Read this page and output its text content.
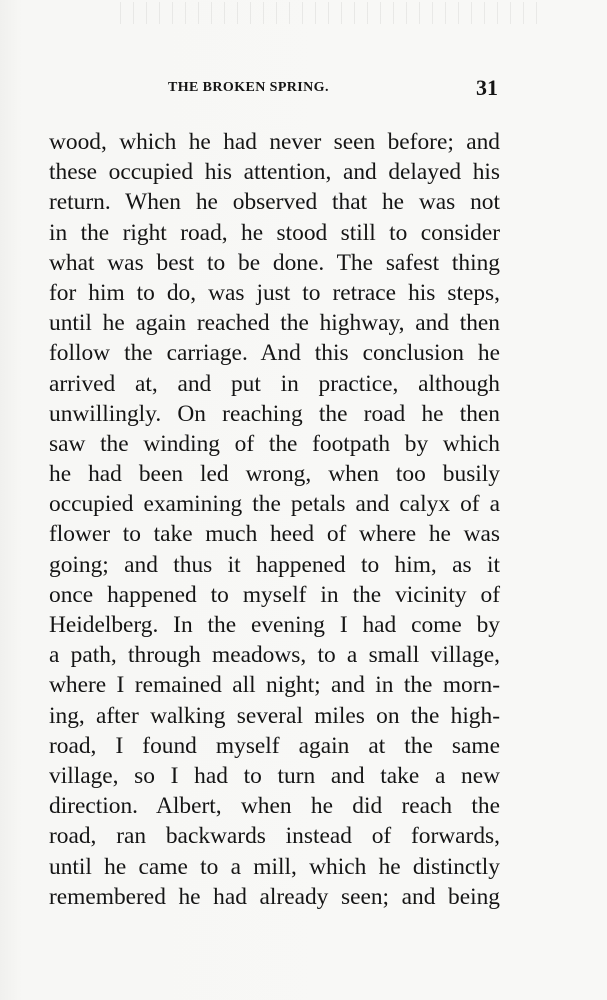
THE BROKEN SPRING.	31
wood, which he had never seen before; and
these occupied his attention, and delayed his
return. When he observed that he was not
in the right road, he stood still to consider
what was best to be done. The safest thing
for him to do, was just to retrace his steps,
until he again reached the highway, and then
follow the carriage. And this conclusion he
arrived at, and put in practice, although
unwillingly. On reaching the road he then
saw the winding of the footpath by which
he had been led wrong, when too busily
occupied examining the petals and calyx of a
flower to take much heed of where he was
going; and thus it happened to him, as it
once happened to myself in the vicinity of
Heidelberg. In the evening I had come by
a path, through meadows, to a small village,
where I remained all night; and in the morn-
ing, after walking several miles on the high-
road, I found myself again at the same
village, so I had to turn and take a new
direction. Albert, when he did reach the
road, ran backwards instead of forwards,
until he came to a mill, which he distinctly
remembered he had already seen; and being
